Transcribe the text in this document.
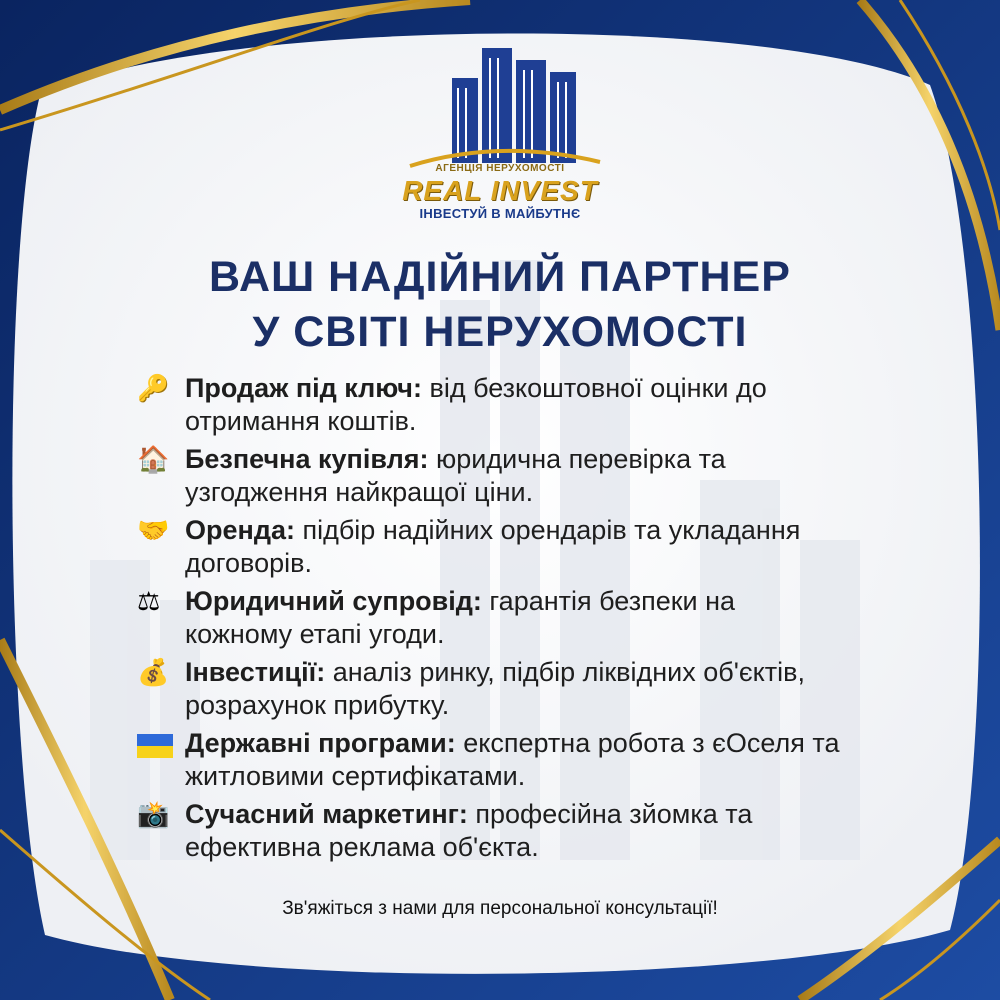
АГЕНЦІЯ НЕРУХОМОСТІ
REAL INVEST
ІНВЕСТУЙ В МАЙБУТНЄ
ВАШ НАДІЙНИЙ ПАРТНЕР
У СВІТІ НЕРУХОМОСТІ
🔑 Продаж під ключ: від безкоштовної оцінки до
отримання коштів.
🏠 Безпечна купівля: юридична перевірка та
узгодження найкращої ціни.
🤝 Оренда: підбір надійних орендарів та укладання
договорів.
⚖ Юридичний супровід: гарантія безпеки на
кожному етапі угоди.
💰 Інвестиції: аналіз ринку, підбір ліквідних об'єктів,
розрахунок прибутку.
Державні програми: експертна робота з єОселя та
житловими сертифікатами.
📸 Сучасний маркетинг: професійна зйомка та
ефективна реклама об'єкта.
Зв'яжіться з нами для персональної консультації!
